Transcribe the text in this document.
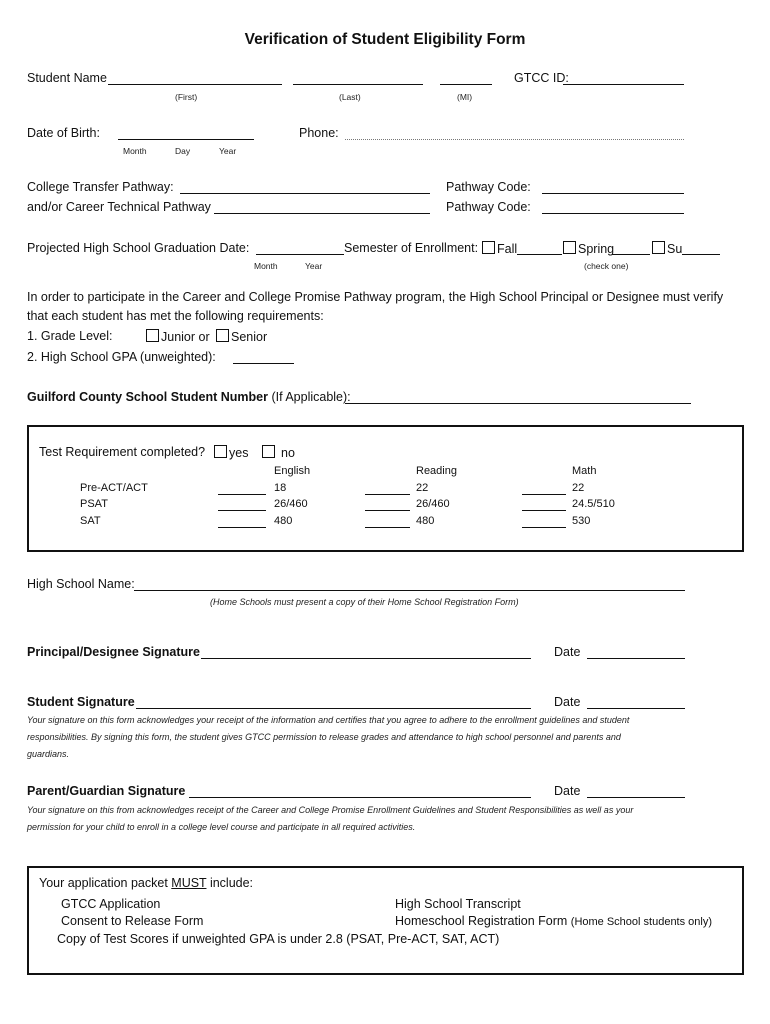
Verification of Student Eligibility Form
Student Name	GTCC ID:
(First)	(Last)	(MI)
Date of Birth:
Month	Day	Year
Phone:
College Transfer Pathway:	Pathway Code:
and/or Career Technical Pathway	Pathway Code:
Projected High School Graduation Date:	Semester of Enrollment:	Fall	Spring	Su
Month	Year	(check one)
In order to participate in the Career and College Promise Pathway program, the High School Principal or Designee must verify
that each student has met the following requirements:
1. Grade Level:	Junior or	Senior
2. High School GPA (unweighted):
Guilford County School Student Number (If Applicable):
Test Requirement completed?	yes	no
English	Reading	Math
Pre-ACT/ACT	18	22	22
PSAT	26/460	26/460	24.5/510
SAT	480	480	530
High School Name:
(Home Schools must present a copy of their Home School Registration Form)
Principal/Designee Signature	Date
Student Signature	Date
Your signature on this form acknowledges your receipt of the information and certifies that you agree to adhere to the enrollment guidelines and student
responsibilities. By signing this form, the student gives GTCC permission to release grades and attendance to high school personnel and parents and
guardians.
Parent/Guardian Signature	Date
Your signature on this from acknowledges receipt of the Career and College Promise Enrollment Guidelines and Student Responsibilities as well as your
permission for your child to enroll in a college level course and participate in all required activities.
Your application packet MUST include:
GTCC Application
Consent to Release Form
Copy of Test Scores if unweighted GPA is under 2.8 (PSAT, Pre-ACT, SAT, ACT)
High School Transcript
Homeschool Registration Form (Home School students only)
